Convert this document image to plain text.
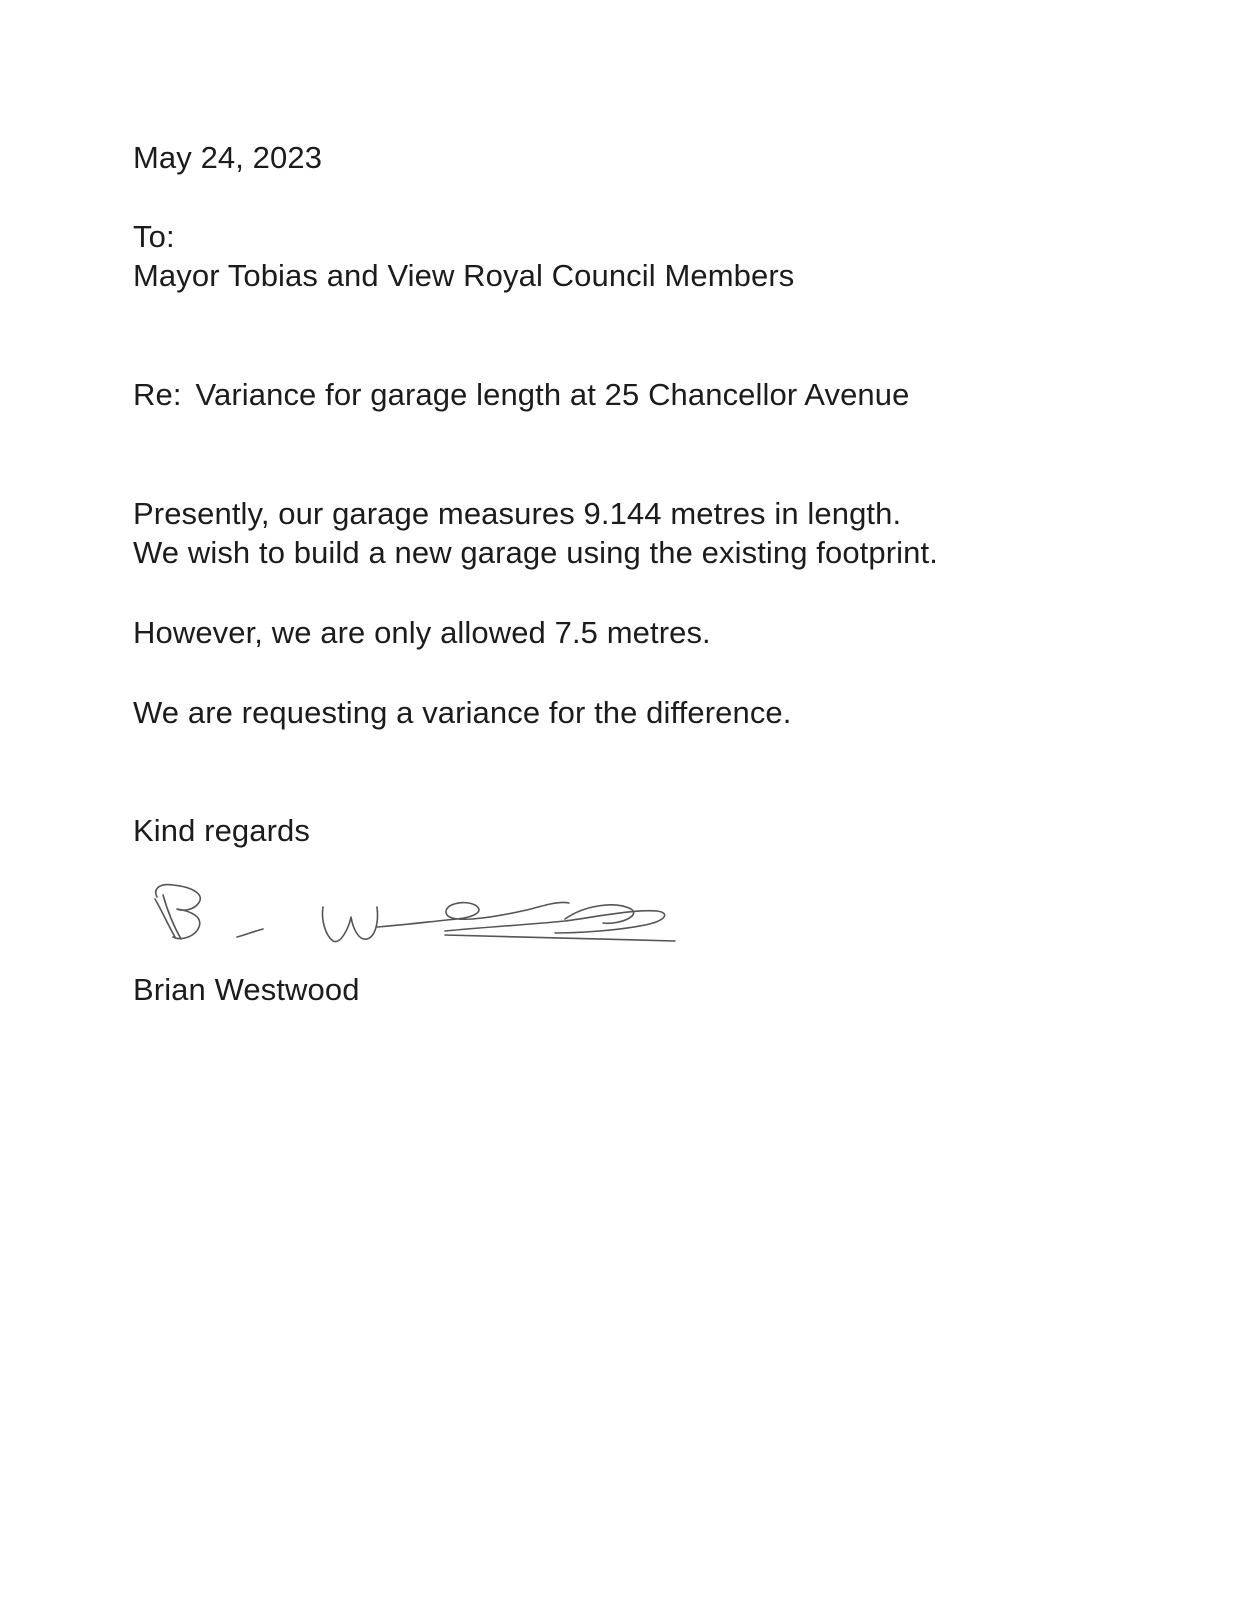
May 24, 2023
To:
Mayor Tobias and View Royal Council Members
Re: Variance for garage length at 25 Chancellor Avenue
Presently, our garage measures 9.144 metres in length.
We wish to build a new garage using the existing footprint.
However, we are only allowed 7.5 metres.
We are requesting a variance for the difference.
Kind regards
Brian Westwood
